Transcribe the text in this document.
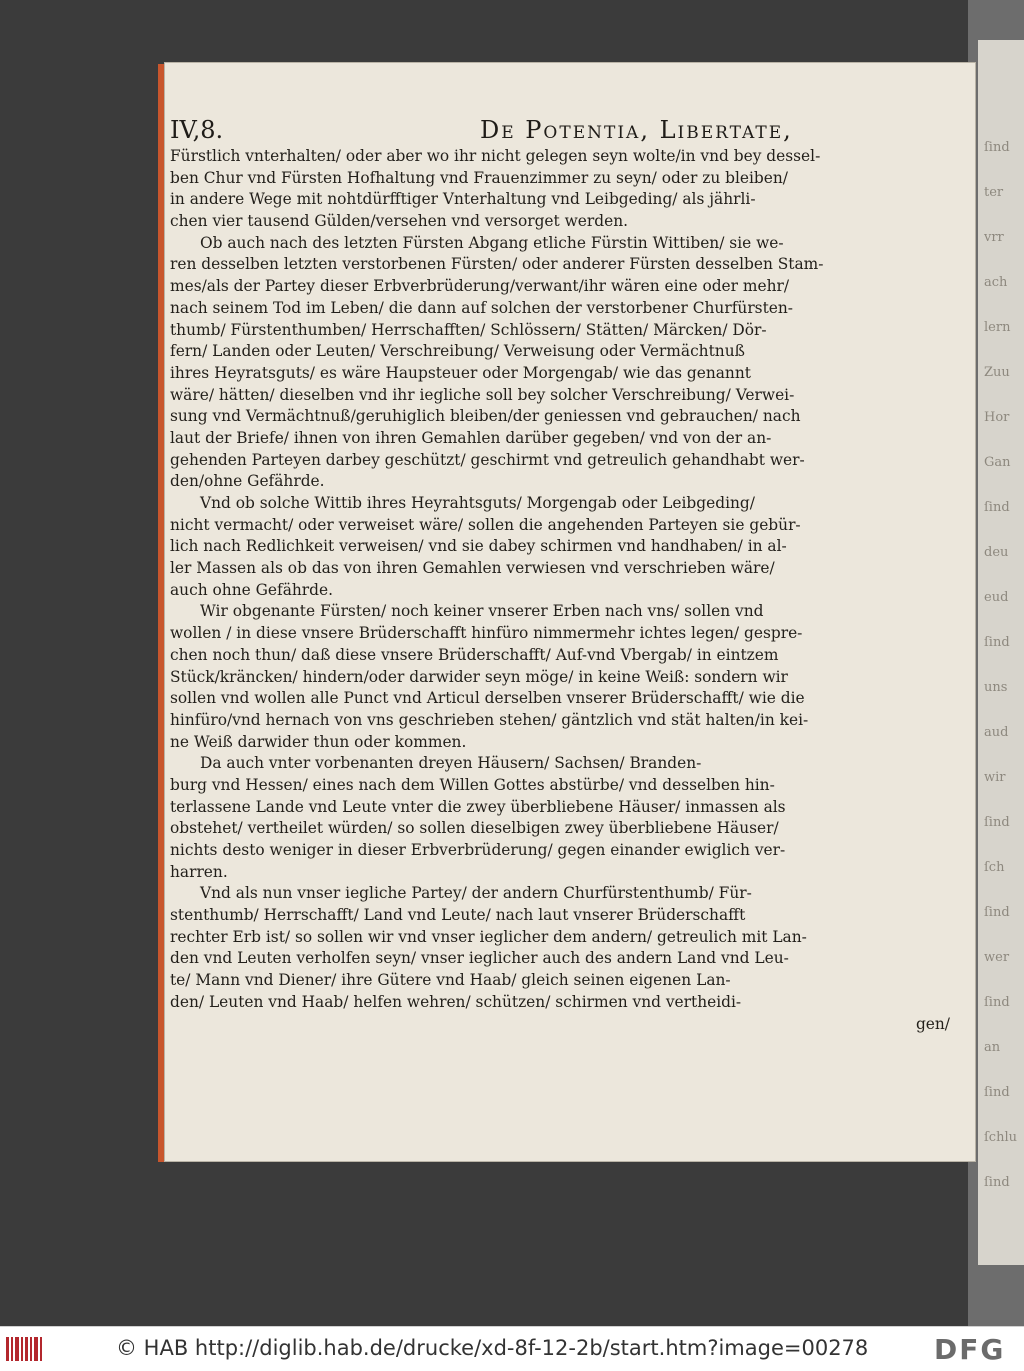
ſind
ter
vrr
ach
lern
Zuu
Hor
Gan
ſind
deu
eud
ſind
uns
aud
wir
ſind
ſch
ſind
wer
ſind
an
ſind
ſchlu
ſind
IV,8.	De Potentia, Libertate,
Fürstlich vnterhalten/ oder aber wo ihr nicht gelegen seyn wolte/in vnd bey dessel-
ben Chur vnd Fürsten Hofhaltung vnd Frauenzimmer zu seyn/ oder zu bleiben/
in andere Wege mit nohtdürfftiger Vnterhaltung vnd Leibgeding/ als jährli-
chen vier tausend Gülden/versehen vnd versorget werden.
Ob auch nach des letzten Fürsten Abgang etliche Fürstin Wittiben/ sie we-
ren desselben letzten verstorbenen Fürsten/ oder anderer Fürsten desselben Stam-
mes/als der Partey dieser Erbverbrüderung/verwant/ihr wären eine oder mehr/
nach seinem Tod im Leben/ die dann auf solchen der verstorbener Churfürsten-
thumb/ Fürstenthumben/ Herrschafften/ Schlössern/ Stätten/ Märcken/ Dör-
fern/ Landen oder Leuten/ Verschreibung/ Verweisung oder Vermächtnuß
ihres Heyratsguts/ es wäre Haupsteuer oder Morgengab/ wie das genannt
wäre/ hätten/ dieselben vnd ihr iegliche soll bey solcher Verschreibung/ Verwei-
sung vnd Vermächtnuß/geruhiglich bleiben/der geniessen vnd gebrauchen/ nach
laut der Briefe/ ihnen von ihren Gemahlen darüber gegeben/ vnd von der an-
gehenden Parteyen darbey geschützt/ geschirmt vnd getreulich gehandhabt wer-
den/ohne Gefährde.
Vnd ob solche Wittib ihres Heyrahtsguts/ Morgengab oder Leibgeding/
nicht vermacht/ oder verweiset wäre/ sollen die angehenden Parteyen sie gebür-
lich nach Redlichkeit verweisen/ vnd sie dabey schirmen vnd handhaben/ in al-
ler Massen als ob das von ihren Gemahlen verwiesen vnd verschrieben wäre/
auch ohne Gefährde.
Wir obgenante Fürsten/ noch keiner vnserer Erben nach vns/ sollen vnd
wollen / in diese vnsere Brüderschafft hinfüro nimmermehr ichtes legen/ gespre-
chen noch thun/ daß diese vnsere Brüderschafft/ Auf-vnd Vbergab/ in eintzem
Stück/kräncken/ hindern/oder darwider seyn möge/ in keine Weiß: sondern wir
sollen vnd wollen alle Punct vnd Articul derselben vnserer Brüderschafft/ wie die
hinfüro/vnd hernach von vns geschrieben stehen/ gäntzlich vnd stät halten/in kei-
ne Weiß darwider thun oder kommen.
Da auch vnter vorbenanten dreyen Häusern/ Sachsen/ Branden-
burg vnd Hessen/ eines nach dem Willen Gottes abstürbe/ vnd desselben hin-
terlassene Lande vnd Leute vnter die zwey überbliebene Häuser/ inmassen als
obstehet/ vertheilet würden/ so sollen dieselbigen zwey überbliebene Häuser/
nichts desto weniger in dieser Erbverbrüderung/ gegen einander ewiglich ver-
harren.
Vnd als nun vnser iegliche Partey/ der andern Churfürstenthumb/ Für-
stenthumb/ Herrschafft/ Land vnd Leute/ nach laut vnserer Brüderschafft
rechter Erb ist/ so sollen wir vnd vnser ieglicher dem andern/ getreulich mit Lan-
den vnd Leuten verholfen seyn/ vnser ieglicher auch des andern Land vnd Leu-
te/ Mann vnd Diener/ ihre Gütere vnd Haab/ gleich seinen eigenen Lan-
den/ Leuten vnd Haab/ helfen wehren/ schützen/ schirmen vnd vertheidi-
gen/
© HAB http://diglib.hab.de/drucke/xd-8f-12-2b/start.htm?image=00278 DFG
